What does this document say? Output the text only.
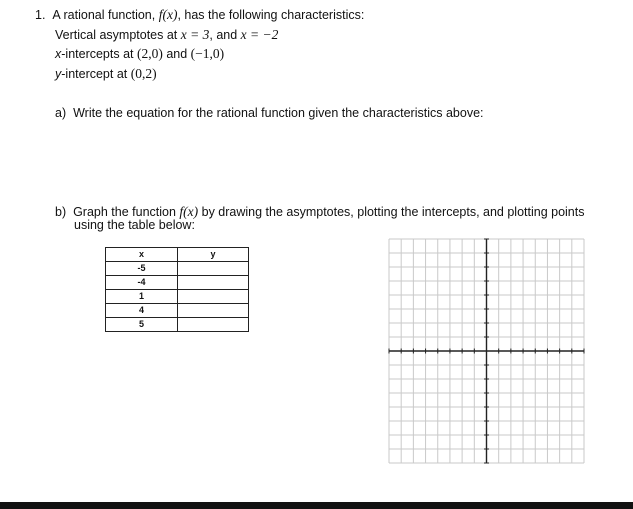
1. A rational function, f(x), has the following characteristics:
Vertical asymptotes at x = 3, and x = −2
x-intercepts at (2,0) and (−1,0)
y-intercept at (0,2)
a) Write the equation for the rational function given the characteristics above:
b) Graph the function f(x) by drawing the asymptotes, plotting the intercepts, and plotting points
using the table below:
x	y
-5	
-4	
1	
4	
5	
